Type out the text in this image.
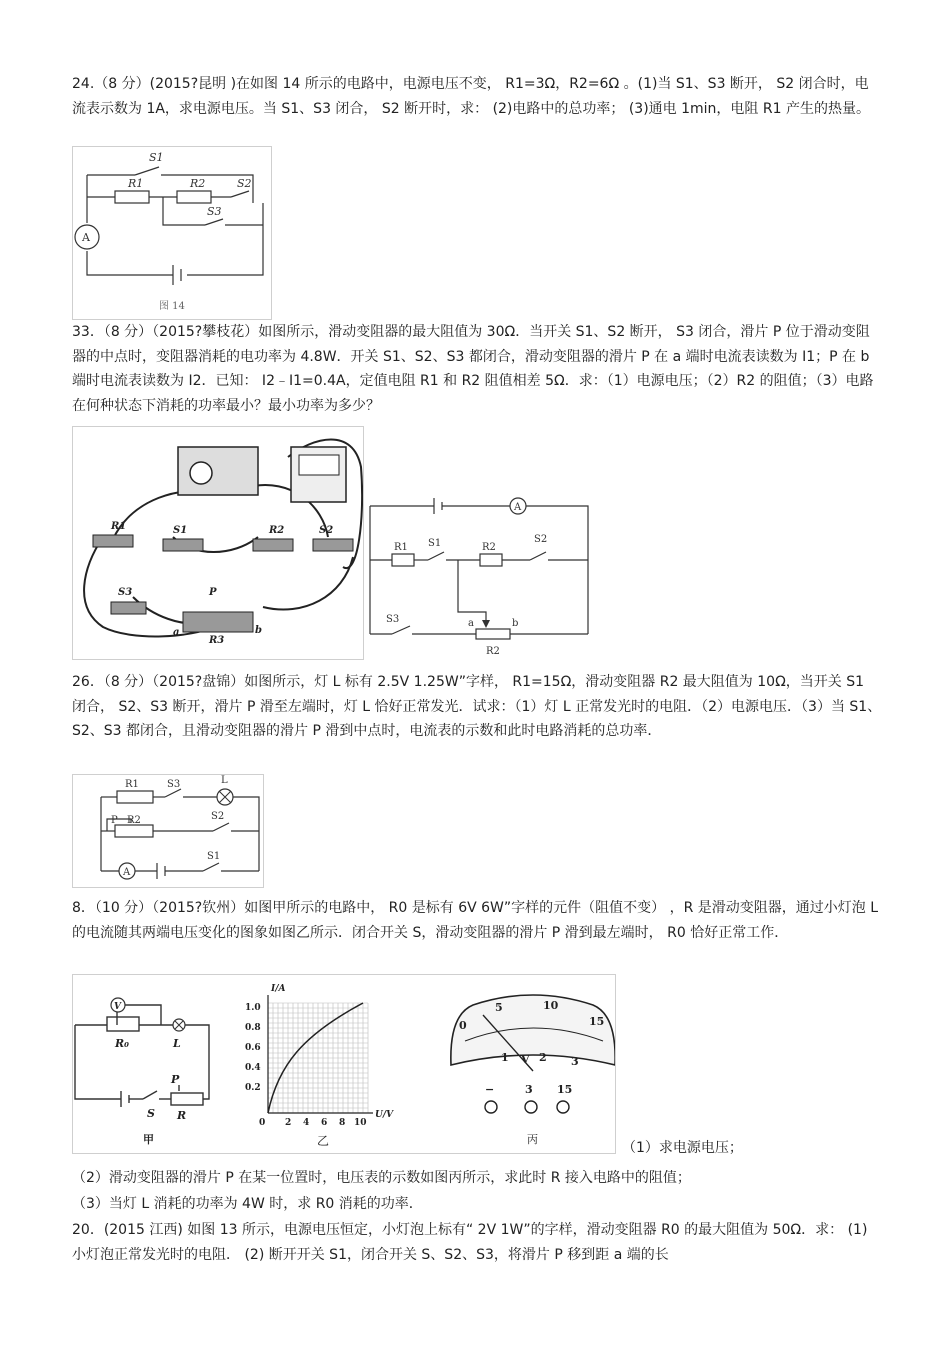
24.（8 分）(2015?昆明 )在如图 14 所示的电路中，电源电压不变， R1=3Ω，R2=6Ω 。(1)当 S1、S3 断开， S2 闭合时，电流表示数为 1A，求电源电压。当 S1、S3 闭合， S2 断开时，求： (2)电路中的总功率； (3)通电 1min，电阻 R1 产生的热量。

S1
R1	R2	S2
S3
A
图 14

33．（8 分）（2015?攀枝花）如图所示，滑动变阻器的最大阻值为 30Ω．当开关 S1、S2 断开， S3 闭合，滑片 P 位于滑动变阻器的中点时，变阻器消耗的电功率为 4.8W．开关 S1、S2、S3 都闭合，滑动变阻器的滑片 P 在 a 端时电流表读数为 I1；P 在 b 端时电流表读数为 I2．已知： I2﹣I1=0.4A，定值电阻 R1 和 R2 阻值相差 5Ω．求：（1）电源电压；（2）R2 的阻值；（3）电路在何种状态下消耗的功率最小？最小功率为多少？

R1	S1	R2	S2
S3	P
R3
a	b
A
R1 S1	R2
S2
S3	a	b
R2

26．（8 分）（2015?盘锦）如图所示，灯 L 标有 2.5V 1.25W”字样， R1=15Ω，滑动变阻器 R2 最大阻值为 10Ω，当开关 S1 闭合， S2、S3 断开，滑片 P 滑至左端时，灯 L 恰好正常发光．试求：（1）灯 L 正常发光时的电阻．（2）电源电压．（3）当 S1、S2、S3 都闭合，且滑动变阻器的滑片 P 滑到中点时，电流表的示数和此时电路消耗的总功率．

R1	S3	L
P R2	S2
A
S1

8．（10 分）（2015?钦州）如图甲所示的电路中， R0 是标有 6V 6W”字样的元件（阻值不变） ，R 是滑动变阻器，通过小灯泡 L 的电流随其两端电压变化的图象如图乙所示．闭合开关 S，滑动变阻器的滑片 P 滑到最左端时， R0 恰好正常工作．

V
R₀	L
P
S R
甲
I/A
U/V
1.0
0.8
0.6
0.4
0.2
0 2 4 6 8 10
乙
0
5	10
15
1	2 3
V
−	3 15
丙

（1）求电源电压；

（2）滑动变阻器的滑片 P 在某一位置时，电压表的示数如图丙所示，求此时 R 接入电路中的阻值；

（3）当灯 L 消耗的功率为 4W 时，求 R0 消耗的功率．

20．(2015 江西) 如图 13 所示，电源电压恒定，小灯泡上标有“ 2V 1W”的字样，滑动变阻器 R0 的最大阻值为 50Ω．求： (1) 小灯泡正常发光时的电阻． (2) 断开开关 S1，闭合开关 S、S2、S3，将滑片 P 移到距 a 端的长
